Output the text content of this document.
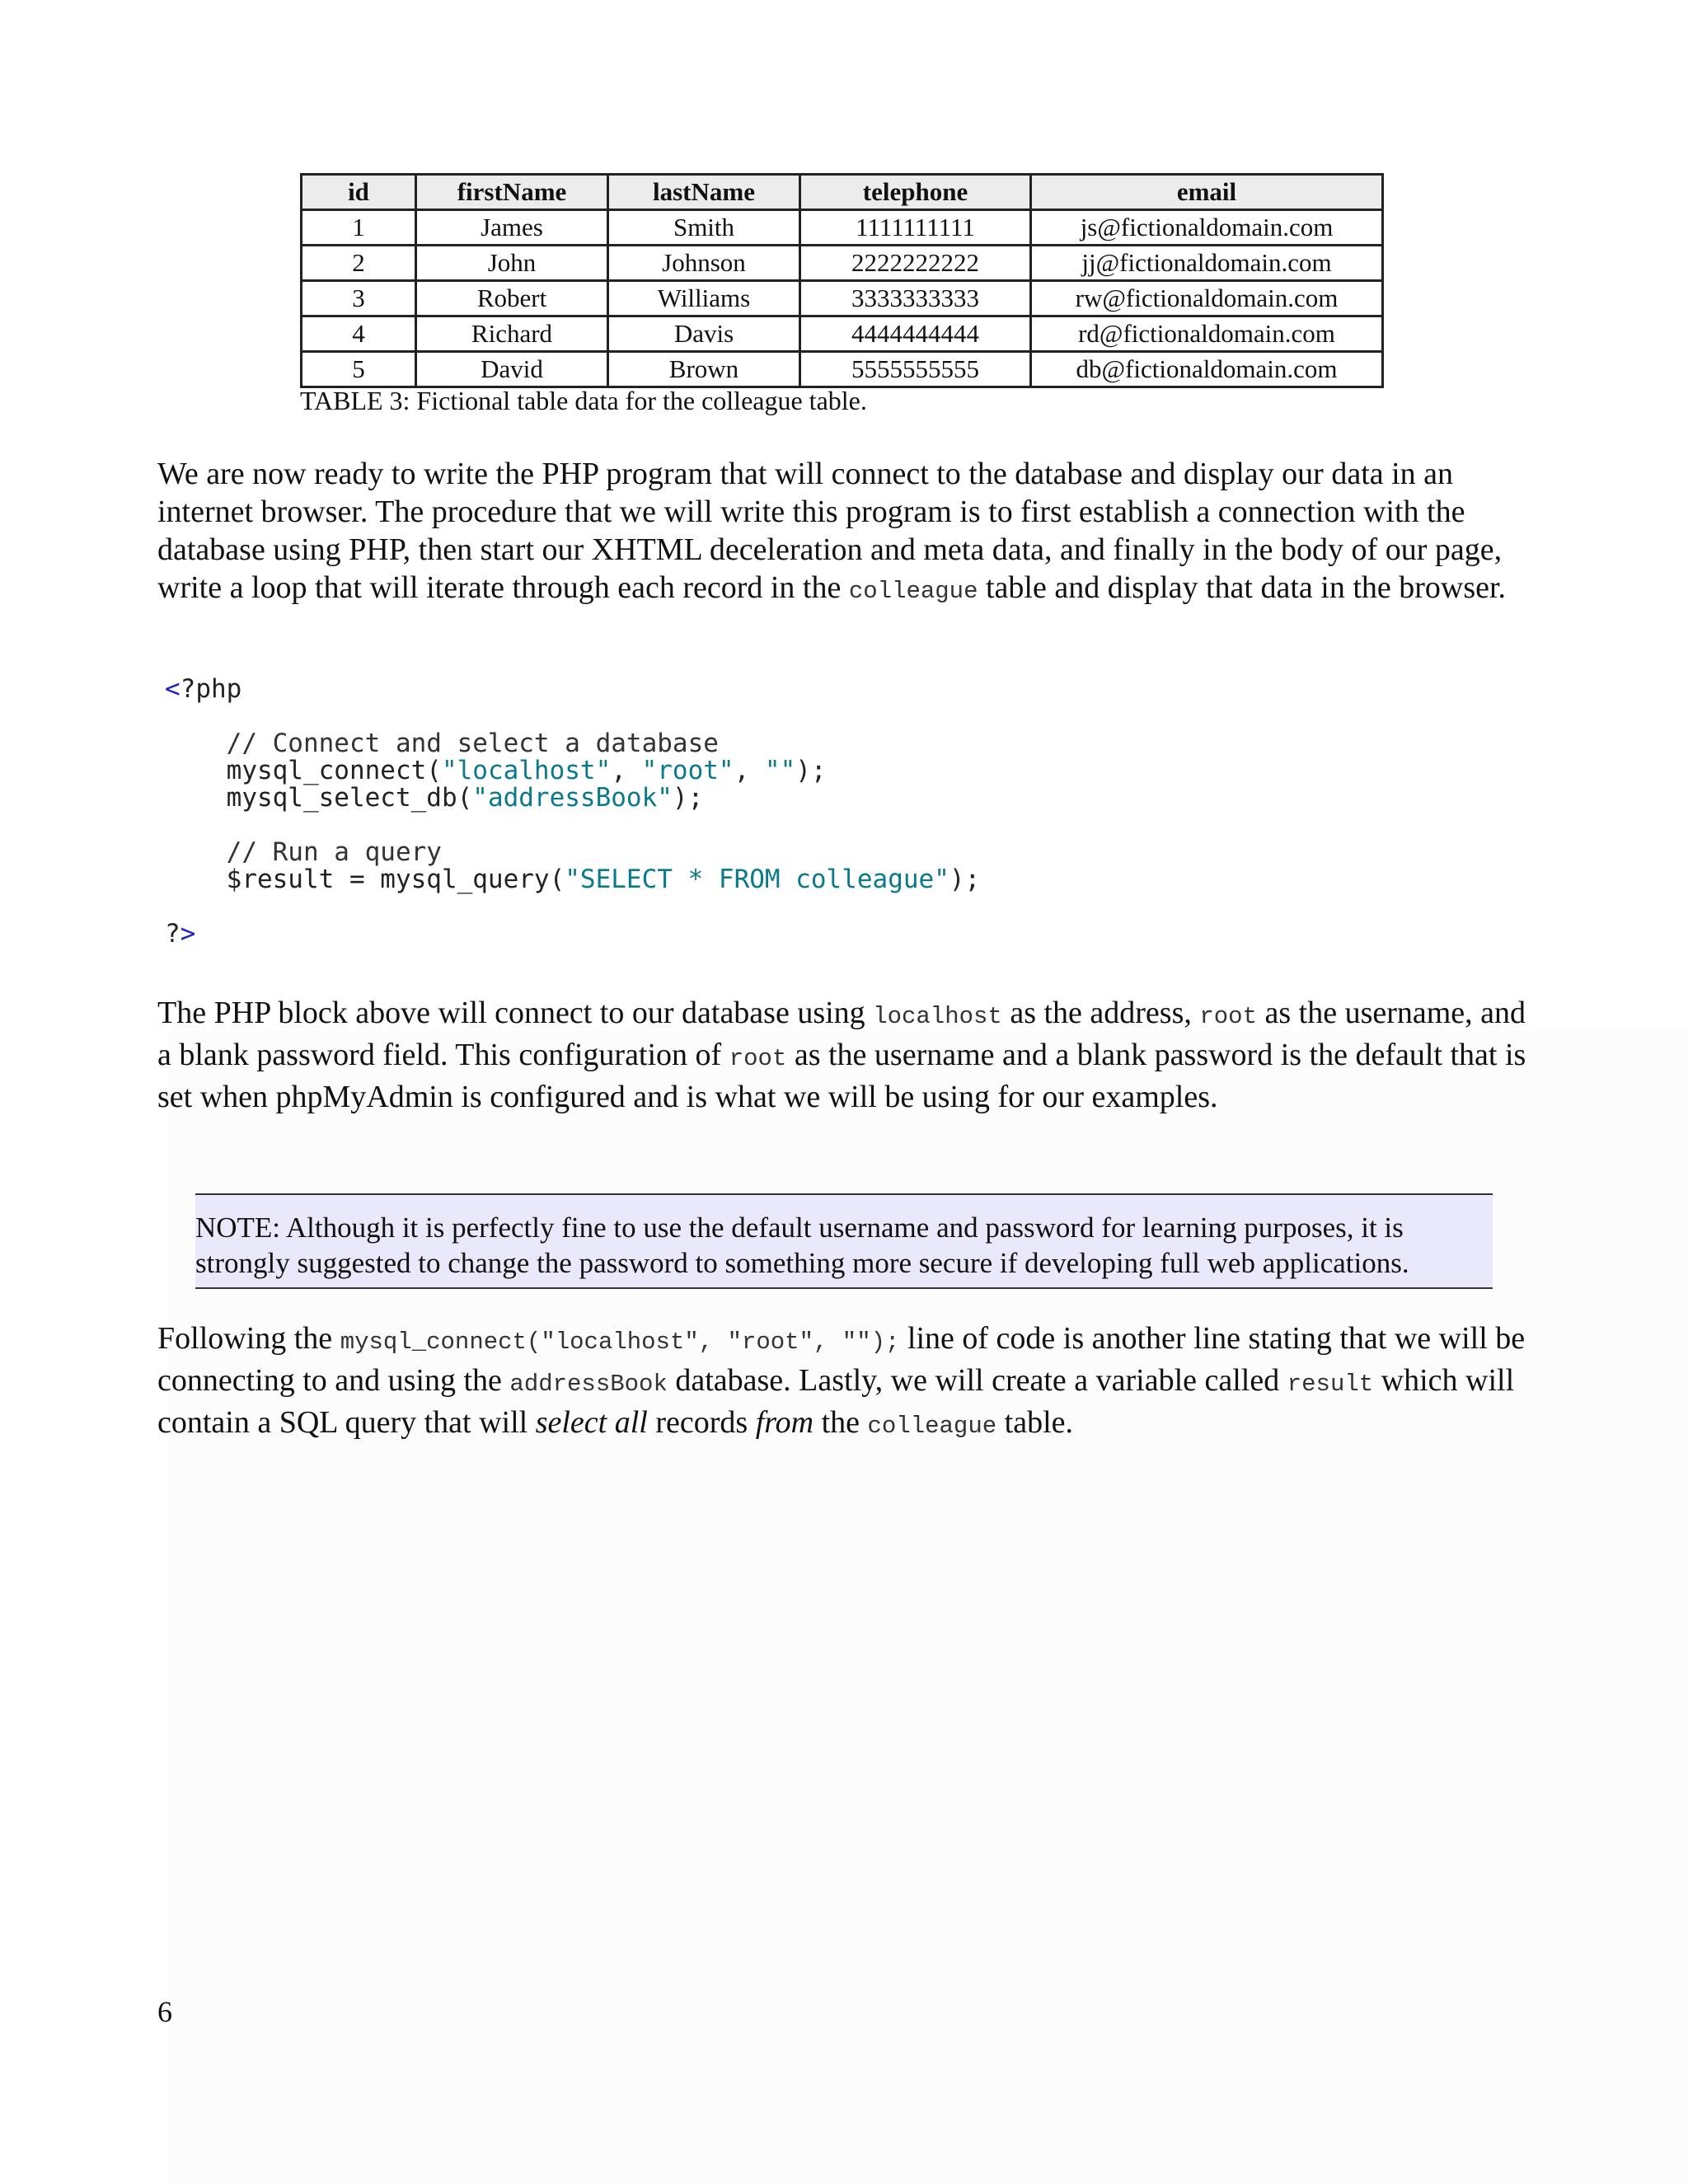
id	firstName	lastName	telephone	email
1	James	Smith	1111111111	js@fictionaldomain.com
2	John	Johnson	2222222222	jj@fictionaldomain.com
3	Robert	Williams	3333333333	rw@fictionaldomain.com
4	Richard	Davis	4444444444	rd@fictionaldomain.com
5	David	Brown	5555555555	db@fictionaldomain.com
TABLE 3: Fictional table data for the colleague table.

We are now ready to write the PHP program that will connect to the database and display our data in an internet browser. The procedure that we will write this program is to first establish a connection with the database using PHP, then start our XHTML deceleration and meta data, and finally in the body of our page, write a loop that will iterate through each record in the colleague table and display that data in the browser.

<?php

// Connect and select a database
mysql_connect("localhost", "root", "");
mysql_select_db("addressBook");

// Run a query
$result = mysql_query("SELECT * FROM colleague");

?>

The PHP block above will connect to our database using localhost as the address, root as the username, and a blank password field. This configuration of root as the username and a blank password is the default that is set when phpMyAdmin is configured and is what we will be using for our examples.

NOTE: Although it is perfectly fine to use the default username and password for learning purposes, it is strongly suggested to change the password to something more secure if developing full web applications.

Following the mysql_connect("localhost", "root", ""); line of code is another line stating that we will be connecting to and using the addressBook database. Lastly, we will create a variable called result which will contain a SQL query that will select all records from the colleague table.

6
